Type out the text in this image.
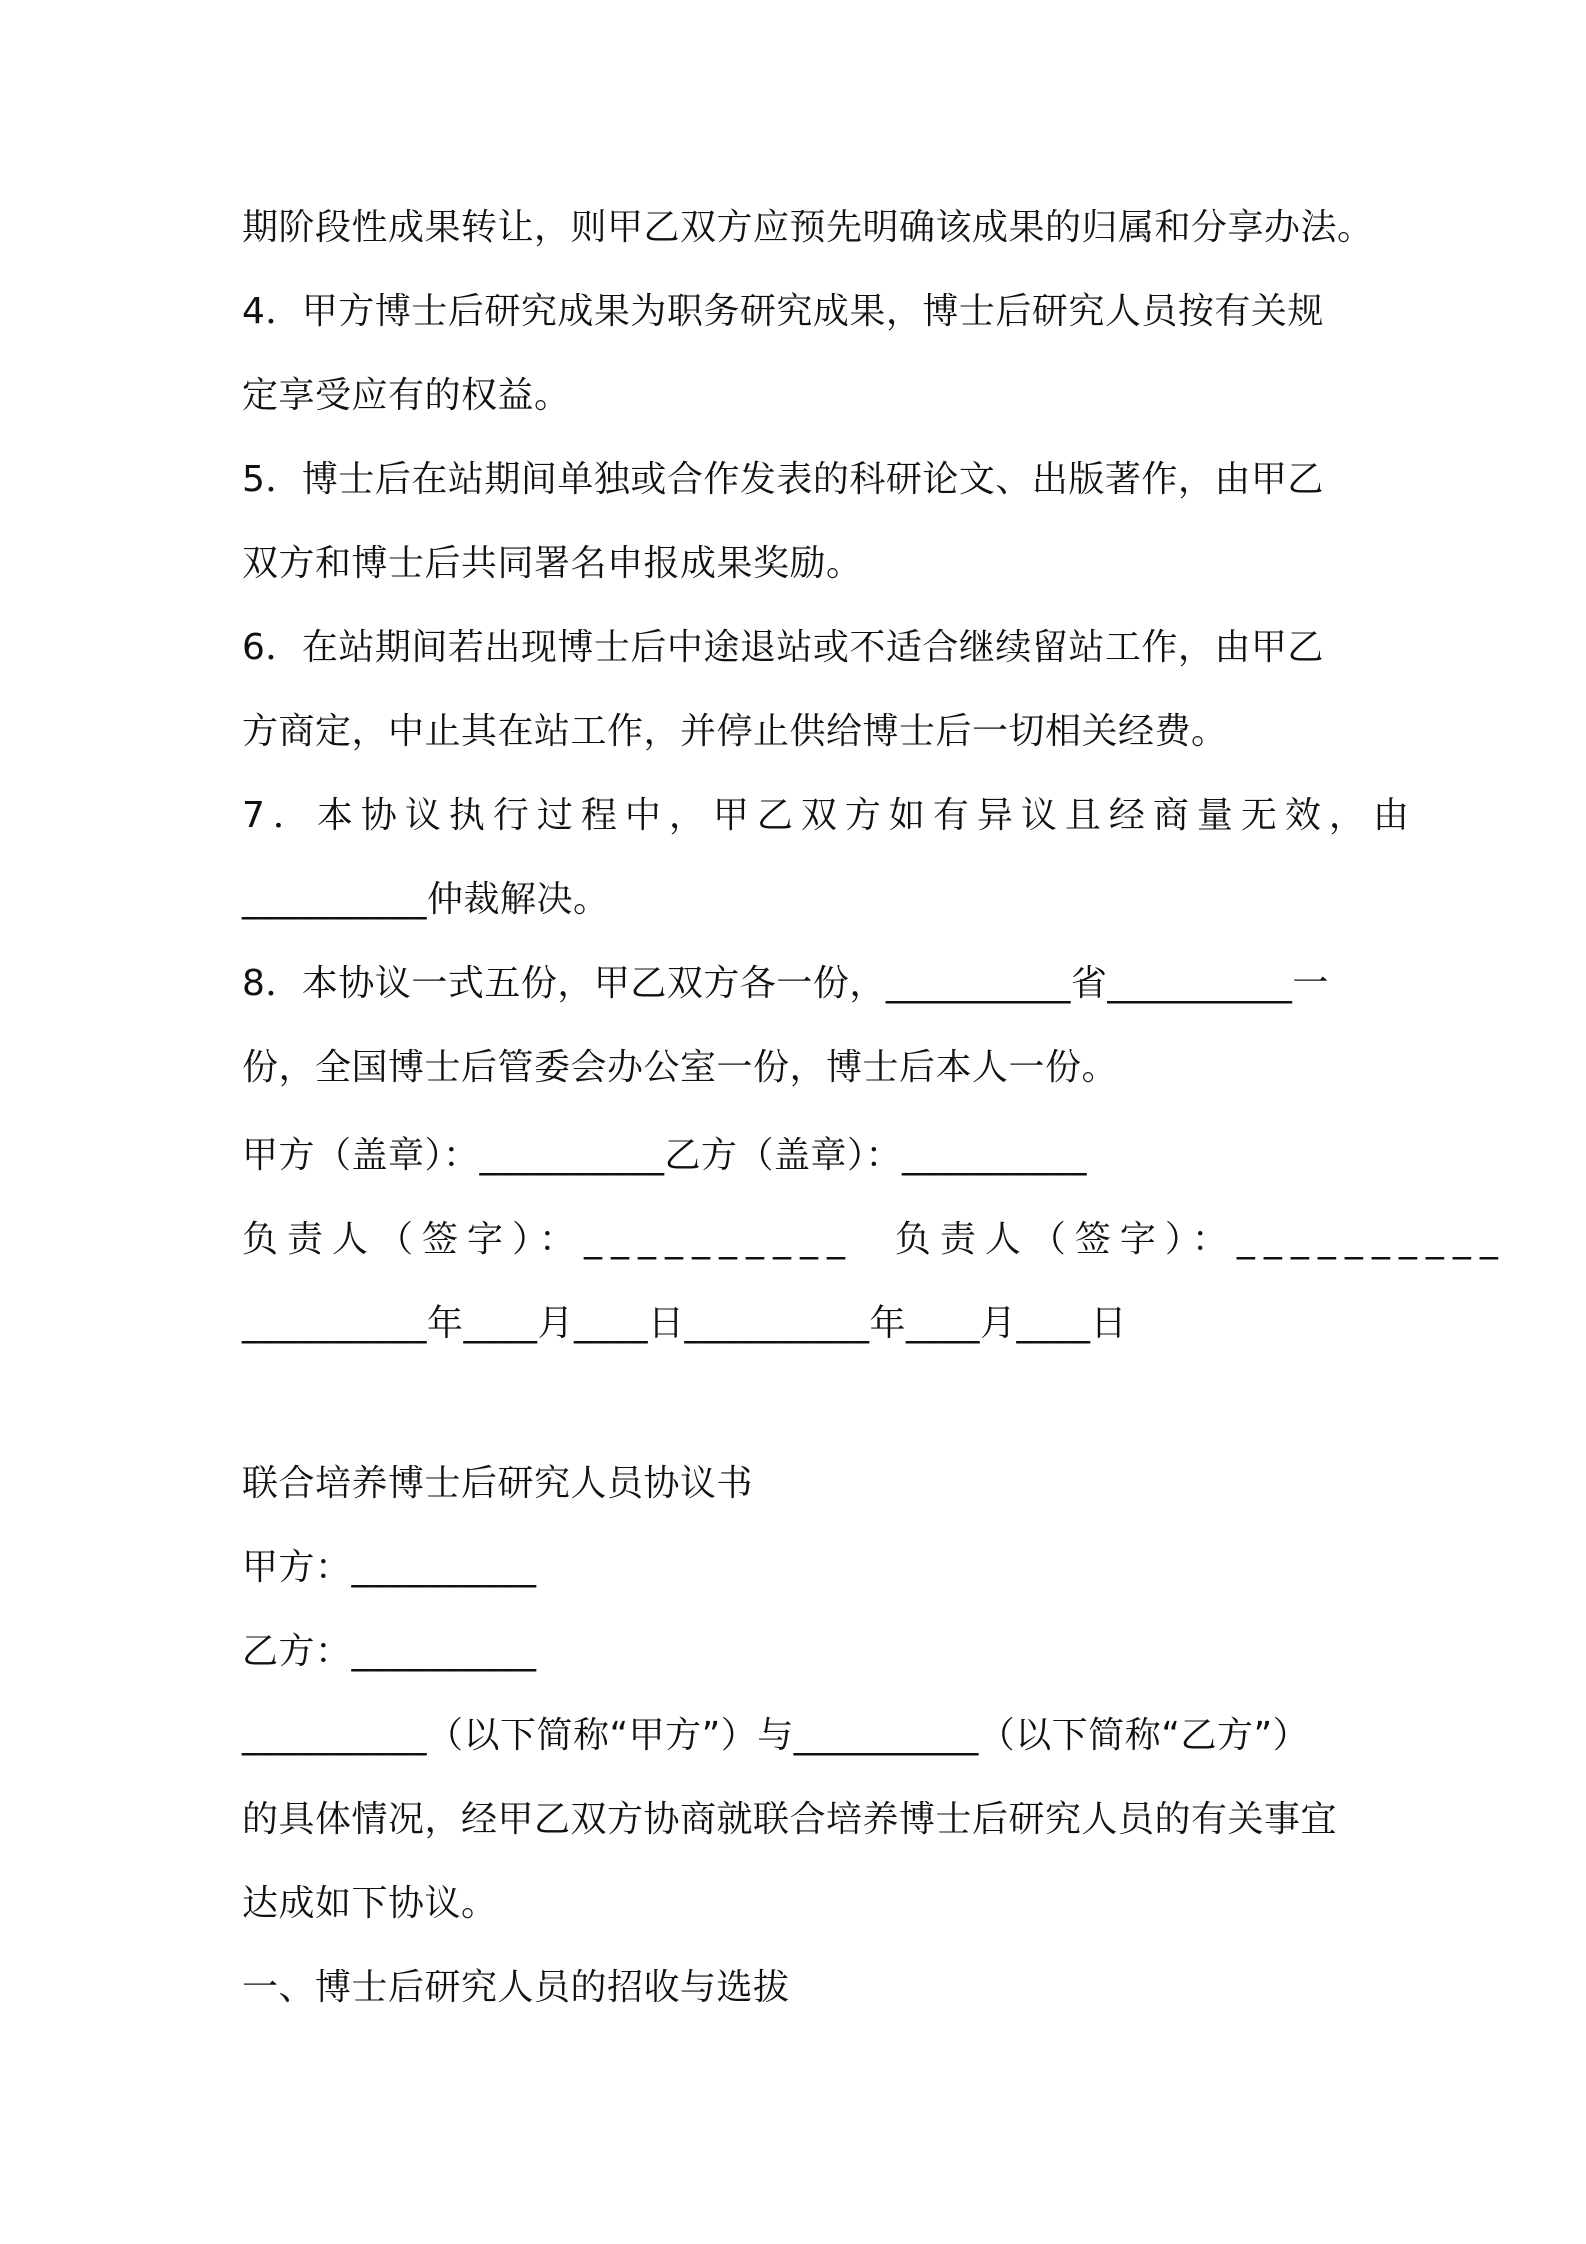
期阶段性成果转让，则甲乙双方应预先明确该成果的归属和分享办法。
4．甲方博士后研究成果为职务研究成果，博士后研究人员按有关规
定享受应有的权益。
5．博士后在站期间单独或合作发表的科研论文、出版著作，由甲乙
双方和博士后共同署名申报成果奖励。
6．在站期间若出现博士后中途退站或不适合继续留站工作，由甲乙
方商定，中止其在站工作，并停止供给博士后一切相关经费。
7．本协议执行过程中，甲乙双方如有异议且经商量无效，由
__________仲裁解决。
8．本协议一式五份，甲乙双方各一份，__________省__________一
份，全国博士后管委会办公室一份，博士后本人一份。
甲方（盖章）：__________乙方（盖章）：__________
负责人（签字）：__________  负责人（签字）：__________
__________年____月____日__________年____月____日
联合培养博士后研究人员协议书
甲方：__________
乙方：__________
__________（以下简称“甲方”）与__________（以下简称“乙方”）
的具体情况，经甲乙双方协商就联合培养博士后研究人员的有关事宜
达成如下协议。
一、博士后研究人员的招收与选拔
